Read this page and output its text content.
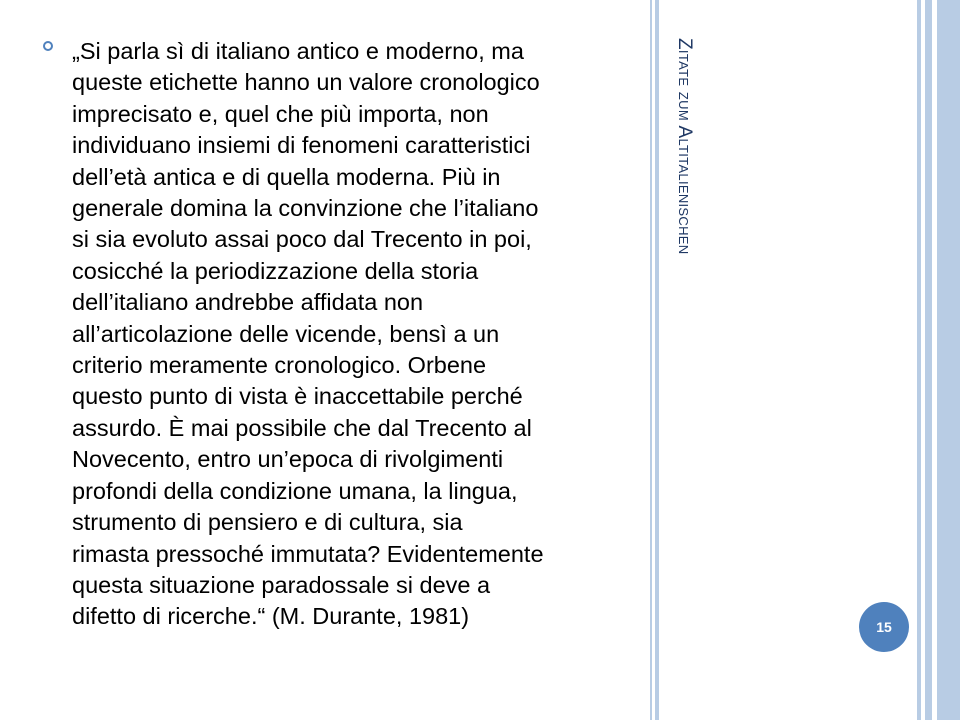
„Si parla sì di italiano antico e moderno, ma
queste etichette hanno un valore cronologico
imprecisato e, quel che più importa, non
individuano insiemi di fenomeni caratteristici
dell’età antica e di quella moderna. Più in
generale domina la convinzione che l’italiano
si sia evoluto assai poco dal Trecento in poi,
cosicché la periodizzazione della storia
dell’italiano andrebbe affidata non
all’articolazione delle vicende, bensì a un
criterio meramente cronologico. Orbene
questo punto di vista è inaccettabile perché
assurdo. È mai possibile che dal Trecento al
Novecento, entro un’epoca di rivolgimenti
profondi della condizione umana, la lingua,
strumento di pensiero e di cultura, sia
rimasta pressoché immutata? Evidentemente
questa situazione paradossale si deve a
difetto di ricerche.“ (M. Durante, 1981)
Zitate zum Altitalienischen
15
